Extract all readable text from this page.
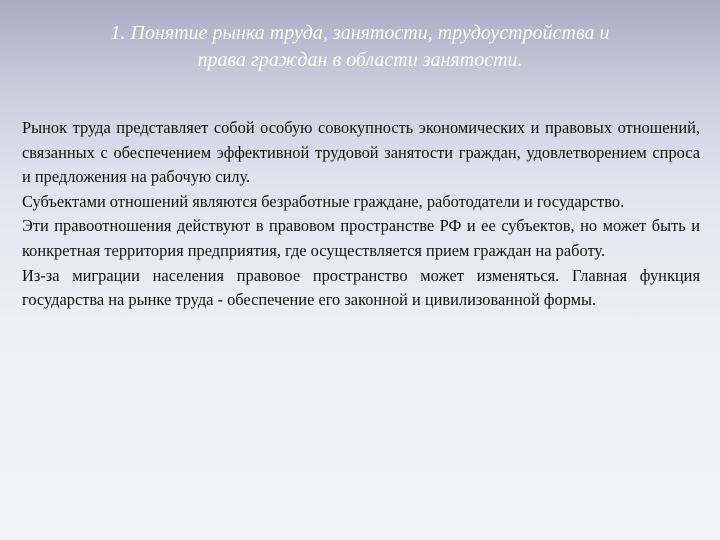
1. Понятие рынка труда, занятости, трудоустройства и
права граждан в области занятости.

Рынок труда представляет собой особую совокупность экономических и правовых отношений, связанных с обеспечением эффективной трудовой занятости граждан, удовлетворением спроса и предложения на рабочую силу.

Субъектами отношений являются безработные граждане, работодатели и государство.

Эти правоотношения действуют в правовом пространстве РФ и ее субъектов, но может быть и конкретная территория предприятия, где осуществляется прием граждан на работу.

Из-за миграции населения правовое пространство может изменяться. Главная функция государства на рынке труда - обеспечение его законной и цивилизованной формы.
